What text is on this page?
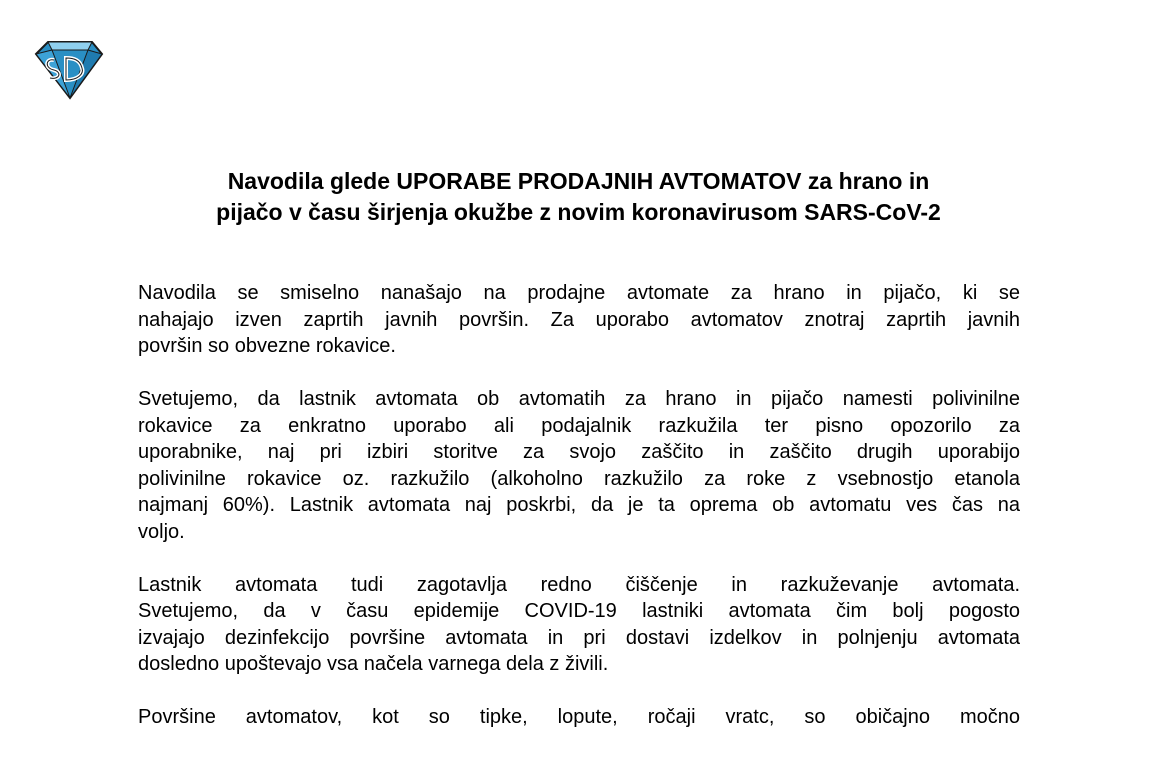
Navodila glede UPORABE PRODAJNIH AVTOMATOV za hrano in
pijačo v času širjenja okužbe z novim koronavirusom SARS-CoV-2

Navodila se smiselno nanašajo na prodajne avtomate za hrano in pijačo, ki se
nahajajo izven zaprtih javnih površin. Za uporabo avtomatov znotraj zaprtih javnih
površin so obvezne rokavice.

Svetujemo, da lastnik avtomata ob avtomatih za hrano in pijačo namesti polivinilne
rokavice za enkratno uporabo ali podajalnik razkužila ter pisno opozorilo za
uporabnike, naj pri izbiri storitve za svojo zaščito in zaščito drugih uporabijo
polivinilne rokavice oz. razkužilo (alkoholno razkužilo za roke z vsebnostjo etanola
najmanj 60%). Lastnik avtomata naj poskrbi, da je ta oprema ob avtomatu ves čas na
voljo.

Lastnik avtomata tudi zagotavlja redno čiščenje in razkuževanje avtomata.
Svetujemo, da v času epidemije COVID-19 lastniki avtomata čim bolj pogosto
izvajajo dezinfekcijo površine avtomata in pri dostavi izdelkov in polnjenju avtomata
dosledno upoštevajo vsa načela varnega dela z živili.

Površine avtomatov, kot so tipke, lopute, ročaji vratc, so običajno močno
